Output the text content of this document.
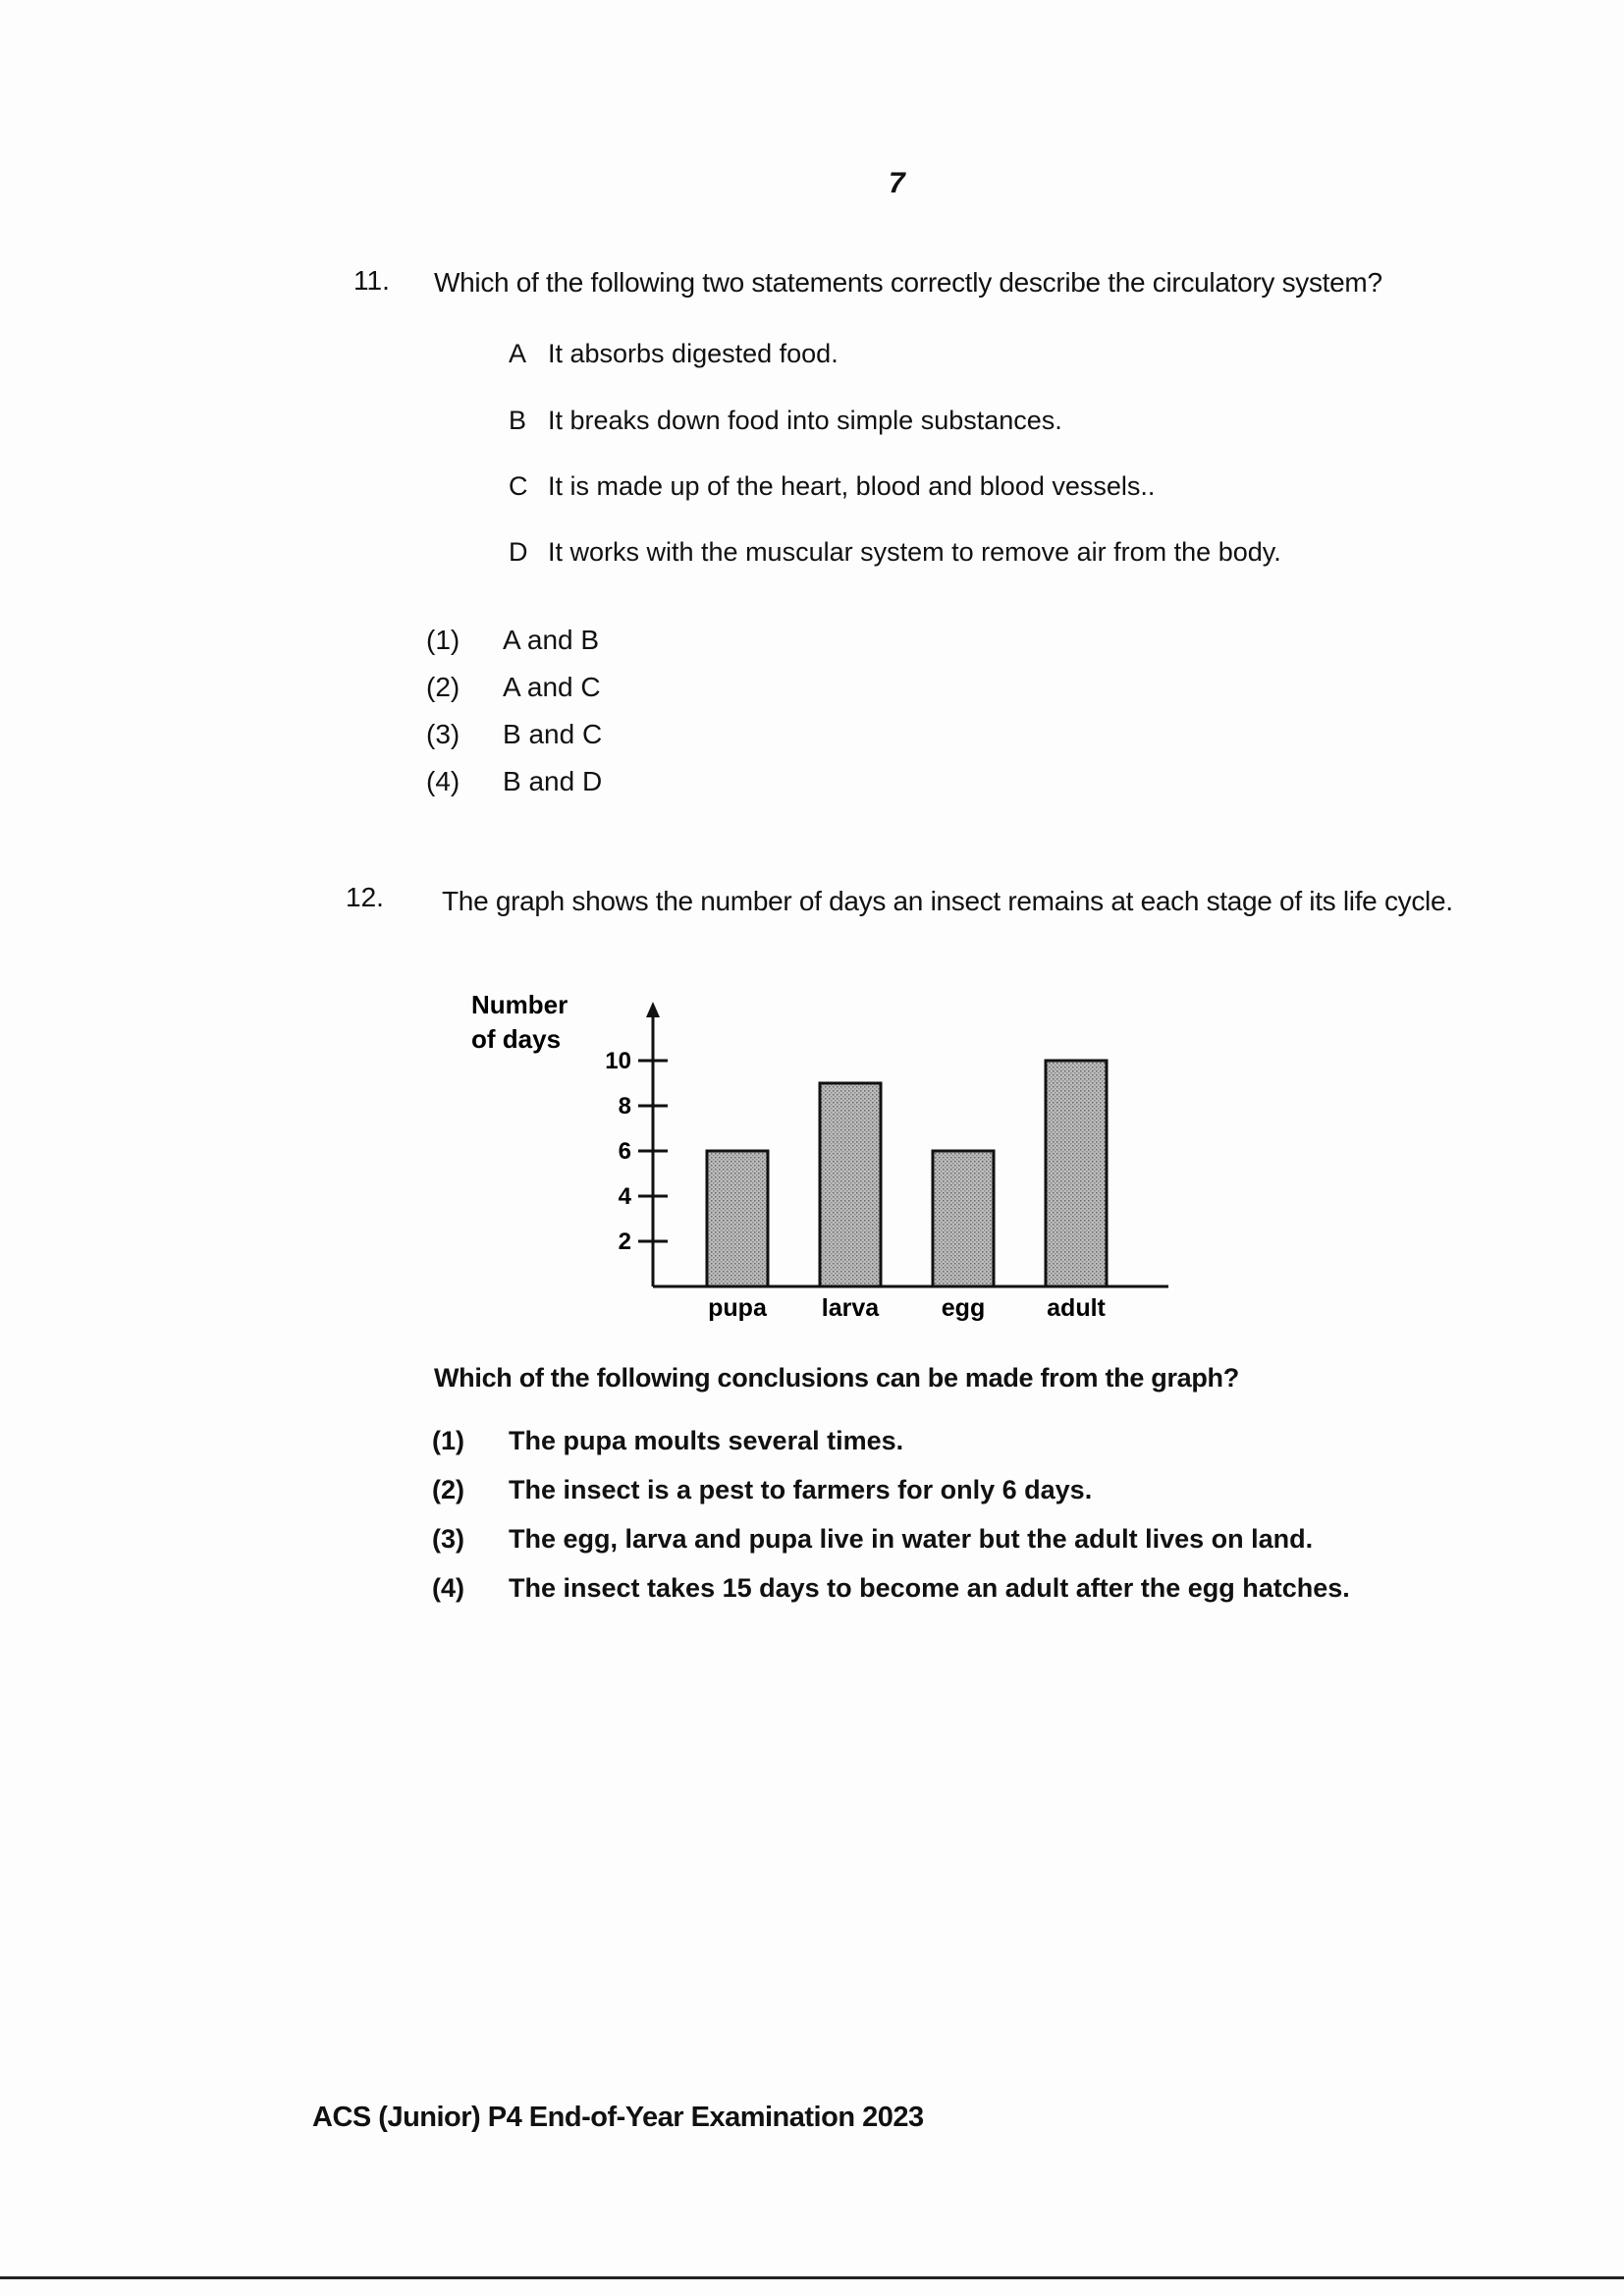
7
11. Which of the following two statements correctly describe the circulatory system?
A It absorbs digested food.
B It breaks down food into simple substances.
C It is made up of the heart, blood and blood vessels..
D It works with the muscular system to remove air from the body.
(1) A and B
(2) A and C
(3) B and C
(4) B and D
12. The graph shows the number of days an insect remains at each stage of its life cycle.
Number
of days
2
4
6
8
10
pupa larva	egg	adult
Which of the following conclusions can be made from the graph?
(1) The pupa moults several times.
(2) The insect is a pest to farmers for only 6 days.
(3) The egg, larva and pupa live in water but the adult lives on land.
(4) The insect takes 15 days to become an adult after the egg hatches.
ACS (Junior) P4 End-of-Year Examination 2023
